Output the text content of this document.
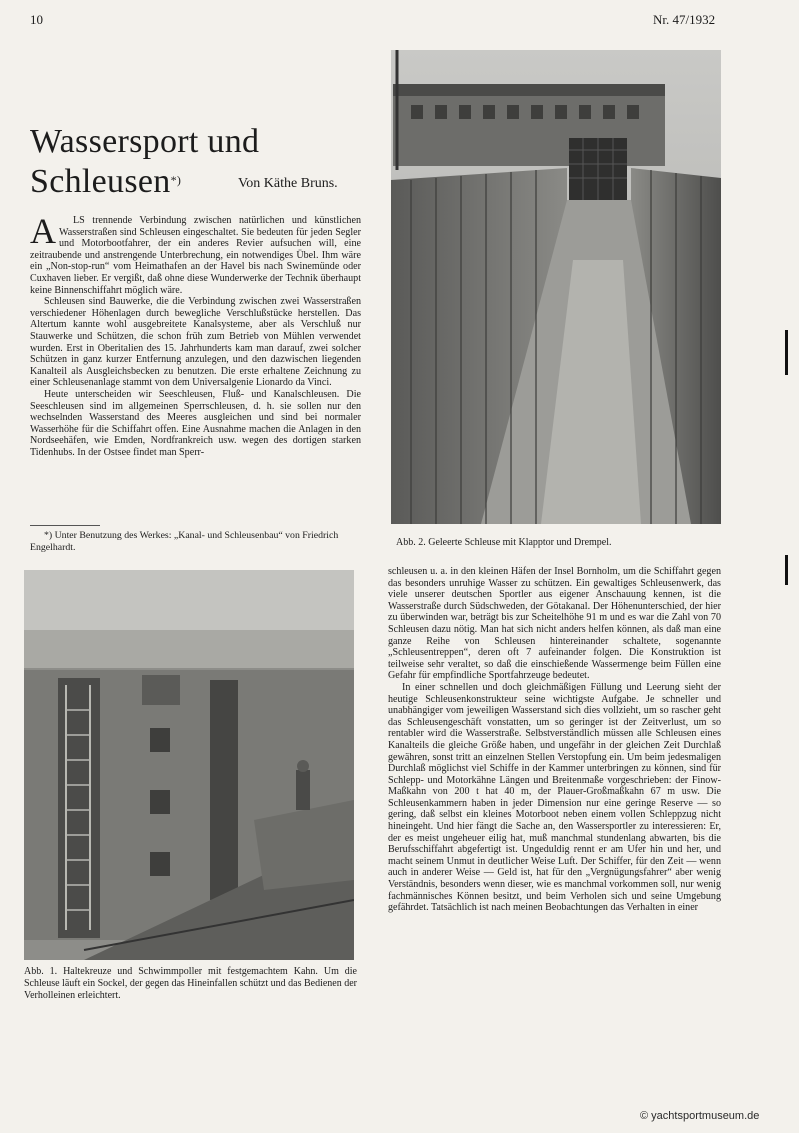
10	Nr. 47/1932
Wassersport und
Schleusen*)	Von Käthe Bruns.

A LS trennende Verbindung zwischen natürlichen und künstlichen Wasserstraßen sind Schleusen eingeschaltet. Sie bedeuten für jeden Segler und Motorbootfahrer, der ein anderes Revier aufsuchen will, eine zeitraubende und anstrengende Unterbrechung, ein notwendiges Übel. Ihm wäre ein „Non-stop-run“ vom Heimathafen an der Havel bis nach Swinemünde oder Cuxhaven lieber. Er vergißt, daß ohne diese Wunderwerke der Technik überhaupt keine Binnenschiffahrt möglich wäre.

Schleusen sind Bauwerke, die die Verbindung zwischen zwei Wasserstraßen verschiedener Höhenlagen durch bewegliche Verschlußstücke herstellen. Das Altertum kannte wohl ausgebreitete Kanalsysteme, aber als Verschluß nur Stauwerke und Schützen, die schon früh zum Betrieb von Mühlen verwendet wurden. Erst in Oberitalien des 15. Jahrhunderts kam man darauf, zwei solcher Schützen in ganz kurzer Entfernung anzulegen, und den dazwischen liegenden Kanalteil als Ausgleichsbecken zu benutzen. Die erste erhaltene Zeichnung zu einer Schleusenanlage stammt von dem Universalgenie Lionardo da Vinci.

Heute unterscheiden wir Seeschleusen, Fluß- und Kanalschleusen. Die Seeschleusen sind im allgemeinen Sperrschleusen, d. h. sie sollen nur den wechselnden Wasserstand des Meeres ausgleichen und sind bei normaler Wasserhöhe für die Schiffahrt offen. Eine Ausnahme machen die Anlagen in den Nordseehäfen, wie Emden, Nordfrankreich usw. wegen des dortigen starken Tidenhubs. In der Ostsee findet man Sperr-

*) Unter Benutzung des Werkes: „Kanal- und Schleusenbau“ von Friedrich Engelhardt.	Abb. 2. Geleerte Schleuse mit Klapptor und Drempel.
Abb. 1. Haltekreuze und Schwimmpoller mit festgemachtem Kahn. Um die Schleuse läuft ein Sockel, der gegen das Hineinfallen schützt und das Bedienen der Verholleinen erleichtert.

schleusen u. a. in den kleinen Häfen der Insel Bornholm, um die Schiffahrt gegen das besonders unruhige Wasser zu schützen. Ein gewaltiges Schleusenwerk, das viele unserer deutschen Sportler aus eigener Anschauung kennen, ist die Wasserstraße durch Südschweden, der Götakanal. Der Höhenunterschied, der hier zu überwinden war, beträgt bis zur Scheitelhöhe 91 m und es war die Zahl von 70 Schleusen dazu nötig. Man hat sich nicht anders helfen können, als daß man eine ganze Reihe von Schleusen hintereinander schaltete, sogenannte „Schleusentreppen“, deren oft 7 aufeinander folgen. Die Konstruktion ist teilweise sehr veraltet, so daß die einschießende Wassermenge beim Füllen eine Gefahr für empfindliche Sportfahrzeuge bedeutet.

In einer schnellen und doch gleichmäßigen Füllung und Leerung sieht der heutige Schleusenkonstrukteur seine wichtigste Aufgabe. Je schneller und unabhängiger vom jeweiligen Wasserstand sich dies vollzieht, um so rascher geht das Schleusengeschäft vonstatten, um so geringer ist der Zeitverlust, um so rentabler wird die Wasserstraße. Selbstverständlich müssen alle Schleusen eines Kanalteils die gleiche Größe haben, und ungefähr in der gleichen Zeit Durchlaß gewähren, sonst tritt an einzelnen Stellen Verstopfung ein. Um beim jedesmaligen Durchlaß möglichst viel Schiffe in der Kammer unterbringen zu können, sind für Schlepp- und Motorkähne Längen und Breitenmaße vorgeschrieben: der Finow-Maßkahn von 200 t hat 40 m, der Plauer-Großmaßkahn 67 m usw. Die Schleusenkammern haben in jeder Dimension nur eine geringe Reserve — so gering, daß selbst ein kleines Motorboot neben einem vollen Schleppzug nicht hineingeht. Und hier fängt die Sache an, den Wassersportler zu interessieren: Er, der es meist ungeheuer eilig hat, muß manchmal stundenlang abwarten, bis die Berufsschiffahrt abgefertigt ist. Ungeduldig rennt er am Ufer hin und her, und macht seinem Unmut in deutlicher Weise Luft. Der Schiffer, für den Zeit — wenn auch in anderer Weise — Geld ist, hat für den „Vergnügungsfahrer“ aber wenig Verständnis, besonders wenn dieser, wie es manchmal vorkommen soll, nur wenig fachmännisches Können besitzt, und beim Verholen sich und seine Umgebung gefährdet. Tatsächlich ist nach meinen Beobachtungen das Verhalten in einer

© yachtsportmuseum.de
